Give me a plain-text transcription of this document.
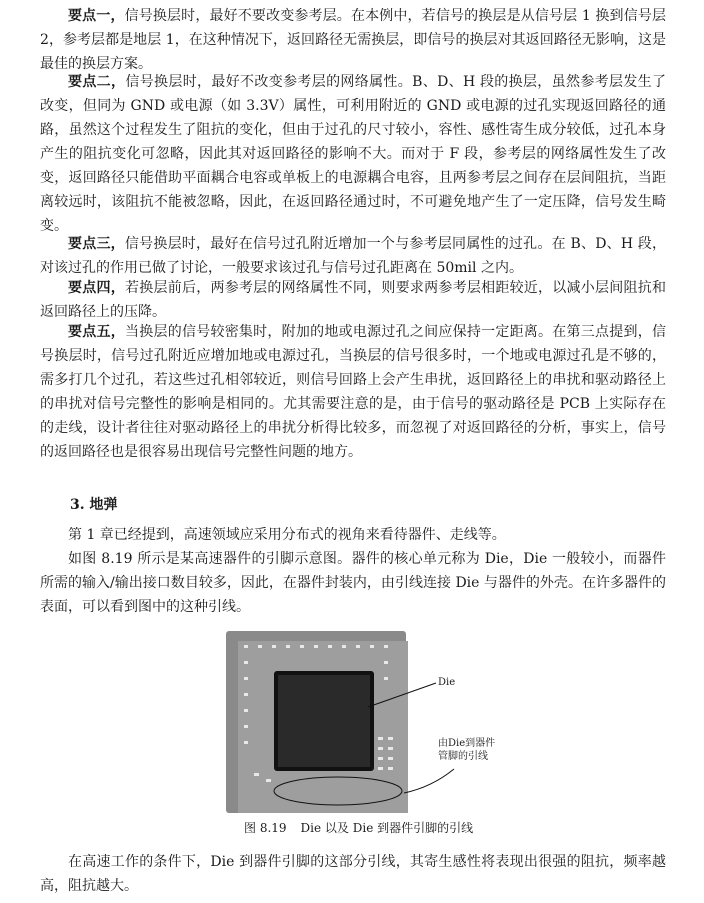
要点一，信号换层时，最好不要改变参考层。在本例中，若信号的换层是从信号层 1 换到信号层 2，参考层都是地层 1，在这种情况下，返回路径无需换层，即信号的换层对其返回路径无影响，这是最佳的换层方案。

要点二，信号换层时，最好不改变参考层的网络属性。B、D、H 段的换层，虽然参考层发生了改变，但同为 GND 或电源（如 3.3V）属性，可利用附近的 GND 或电源的过孔实现返回路径的通路，虽然这个过程发生了阻抗的变化，但由于过孔的尺寸较小，容性、感性寄生成分较低，过孔本身产生的阻抗变化可忽略，因此其对返回路径的影响不大。而对于 F 段，参考层的网络属性发生了改变，返回路径只能借助平面耦合电容或单板上的电源耦合电容，且两参考层之间存在层间阻抗，当距离较远时，该阻抗不能被忽略，因此，在返回路径通过时，不可避免地产生了一定压降，信号发生畸变。

要点三，信号换层时，最好在信号过孔附近增加一个与参考层同属性的过孔。在 B、D、H 段，对该过孔的作用已做了讨论，一般要求该过孔与信号过孔距离在 50mil 之内。

要点四，若换层前后，两参考层的网络属性不同，则要求两参考层相距较近，以减小层间阻抗和返回路径上的压降。

要点五，当换层的信号较密集时，附加的地或电源过孔之间应保持一定距离。在第三点提到，信号换层时，信号过孔附近应增加地或电源过孔，当换层的信号很多时，一个地或电源过孔是不够的，需多打几个过孔，若这些过孔相邻较近，则信号回路上会产生串扰，返回路径上的串扰和驱动路径上的串扰对信号完整性的影响是相同的。尤其需要注意的是，由于信号的驱动路径是 PCB 上实际存在的走线，设计者往往对驱动路径上的串扰分析得比较多，而忽视了对返回路径的分析，事实上，信号的返回路径也是很容易出现信号完整性问题的地方。

3. 地弹

第 1 章已经提到，高速领域应采用分布式的视角来看待器件、走线等。

如图 8.19 所示是某高速器件的引脚示意图。器件的核心单元称为 Die，Die 一般较小，而器件所需的输入/输出接口数目较多，因此，在器件封装内，由引线连接 Die 与器件的外壳。在许多器件的表面，可以看到图中的这种引线。

Die
由Die到器件
管脚的引线
图 8.19 Die 以及 Die 到器件引脚的引线

在高速工作的条件下，Die 到器件引脚的这部分引线，其寄生感性将表现出很强的阻抗，频率越高，阻抗越大。
